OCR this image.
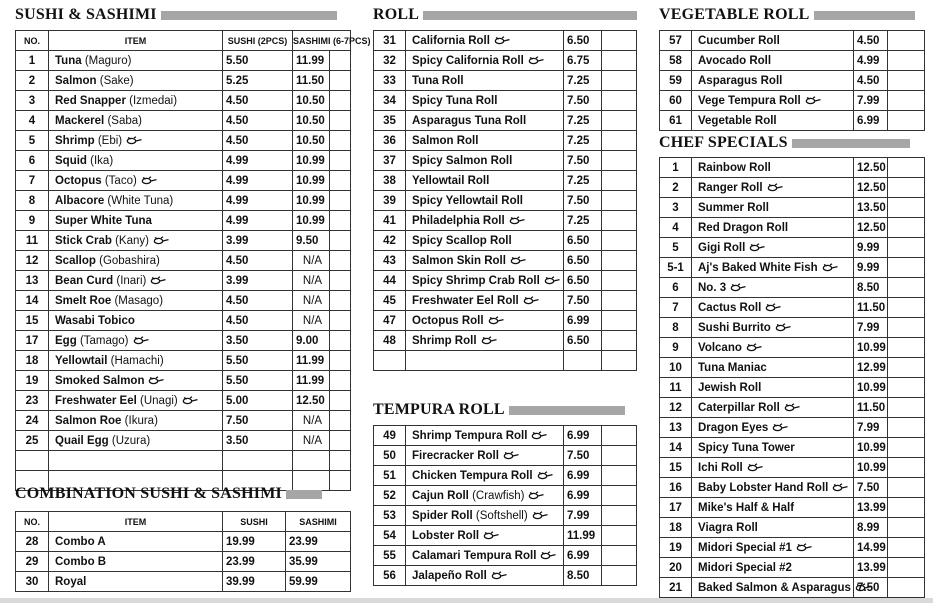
SUSHI & SASHIMI
NO.	ITEM	SUSHI (2PCS)	SASHIMI (6-7PCS)	
1	Tuna (Maguro)	5.50	11.99	
2	Salmon (Sake)	5.25	11.50	
3	Red Snapper (Izmedai)	4.50	10.50	
4	Mackerel (Saba)	4.50	10.50	
5	Shrimp (Ebi)	4.50	10.50	
6	Squid (Ika)	4.99	10.99	
7	Octopus (Taco)	4.99	10.99	
8	Albacore (White Tuna)	4.99	10.99	
9	Super White Tuna	4.99	10.99	
11	Stick Crab (Kany)	3.99	9.50	
12	Scallop (Gobashira)	4.50	N/A	
13	Bean Curd (Inari)	3.99	N/A	
14	Smelt Roe (Masago)	4.50	N/A	
15	Wasabi Tobico	4.50	N/A	
17	Egg (Tamago)	3.50	9.00	
18	Yellowtail (Hamachi)	5.50	11.99	
19	Smoked Salmon	5.50	11.99	
23	Freshwater Eel (Unagi)	5.00	12.50	
24	Salmon Roe (Ikura)	7.50	N/A	
25	Quail Egg (Uzura)	3.50	N/A	

COMBINATION SUSHI & SASHIMI
NO.	ITEM	SUSHI	SASHIMI
28	Combo A	19.99	23.99
29	Combo B	23.99	35.99
30	Royal	39.99	59.99
ROLL
31	California Roll	6.50	
32	Spicy California Roll	6.75	
33	Tuna Roll	7.25	
34	Spicy Tuna Roll	7.50	
35	Asparagus Tuna Roll	7.25	
36	Salmon Roll	7.25	
37	Spicy Salmon Roll	7.50	
38	Yellowtail Roll	7.25	
39	Spicy Yellowtail Roll	7.50	
41	Philadelphia Roll	7.25	
42	Spicy Scallop Roll	6.50	
43	Salmon Skin Roll	6.50	
44	Spicy Shrimp Crab Roll	6.50	
45	Freshwater Eel Roll	7.50	
47	Octopus Roll	6.99	
48	Shrimp Roll	6.50	

TEMPURA ROLL
49	Shrimp Tempura Roll	6.99	
50	Firecracker Roll	7.50	
51	Chicken Tempura Roll	6.99	
52	Cajun Roll (Crawfish)	6.99	
53	Spider Roll (Softshell)	7.99	
54	Lobster Roll	11.99	
55	Calamari Tempura Roll	6.99	
56	Jalapeño Roll	8.50	
VEGETABLE ROLL
57	Cucumber Roll	4.50	
58	Avocado Roll	4.99	
59	Asparagus Roll	4.50	
60	Vege Tempura Roll	7.99	
61	Vegetable Roll	6.99	
CHEF SPECIALS
1	Rainbow Roll	12.50	
2	Ranger Roll	12.50	
3	Summer Roll	13.50	
4	Red Dragon Roll	12.50	
5	Gigi Roll	9.99	
5-1	Aj's Baked White Fish	9.99	
6	No. 3	8.50	
7	Cactus Roll	11.50	
8	Sushi Burrito	7.99	
9	Volcano	10.99	
10	Tuna Maniac	12.99	
11	Jewish Roll	10.99	
12	Caterpillar Roll	11.50	
13	Dragon Eyes	7.99	
14	Spicy Tuna Tower	10.99	
15	Ichi Roll	10.99	
16	Baby Lobster Hand Roll	7.50	
17	Mike's Half & Half	13.99	
18	Viagra Roll	8.99	
19	Midori Special #1	14.99	
20	Midori Special #2	13.99	
21	Baked Salmon & Asparagus	7.50	
